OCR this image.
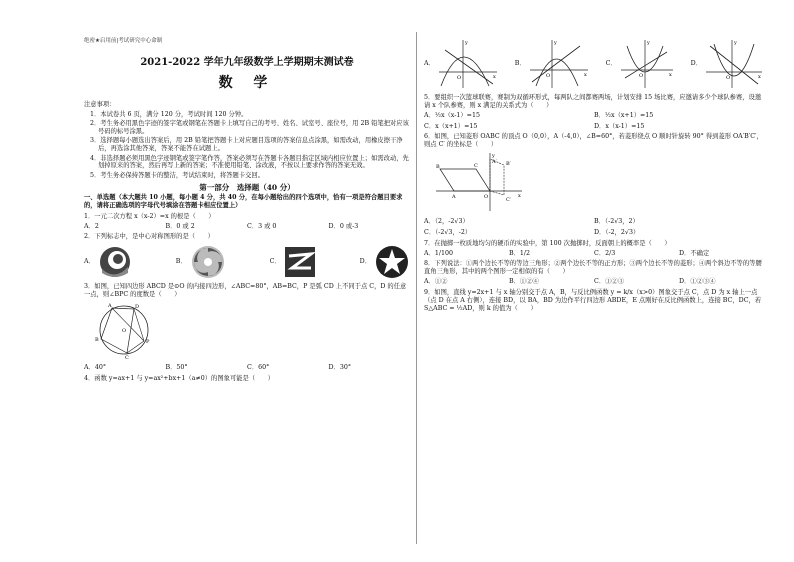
绝密★启用前|考试研究中心命制
2021-2022 学年九年级数学上学期期末测试卷
数 学
注意事项：
1．本试卷共 6 页，满分 120 分，考试时间 120 分钟。
2．考生务必用黑色字迹的签字笔或钢笔在答题卡上填写自己的考号、姓名、试室号、座位号，用 2B 铅笔把对应该号码的标号涂黑。
3．选择题每小题选出答案后，用 2B 铅笔把答题卡上对应题目选项的答案信息点涂黑，如需改动，用橡皮擦干净后，再选涂其他答案，答案不能答在试题上。
4．非选择题必须用黑色字迹钢笔或签字笔作答，答案必须写在答题卡各题目指定区域内相应位置上；如需改动，先划掉原来的答案，然后再写上新的答案；不准使用铅笔、涂改液，不按以上要求作答的答案无效。
5．考生务必保持答题卡的整洁，考试结束时，将答题卡交回。
第一部分　选择题（40 分）
一、单选题（本大题共 10 小题，每小题 4 分，共 40 分，在每小题给出的四个选项中，恰有一项是符合题目要求的，请将正确选项的字母代号填涂在答题卡相应位置上）
1．一元二次方程 x（x-2）=x 的根是（　　）
A．2	B．0 或 2	C．3 或 0	D．0 或-3
2．下列标志中，是中心对称图形的是（　　）
A．	B．	C．	D．
3．如图，已知四边形 ABCD 是⊙O 的内接四边形，∠ABC=80°，AB=BC，P 是弧 CD 上不同于点 C，D 的任意一点，则∠BPC 的度数是（　　）
A
B
C
D
O
P
A．40°	B．50°	C．60°	D．30°
4．函数 y=ax+1 与 y=ax²+bx+1（a≠0）的图象可能是（　　）
A．
y
x
O
B．
y
x
O
C．
y
x
O
D．
y
x
O
5．要组织一次篮球联赛，赛制为双循环形式，每两队之间都赛两场，计划安排 15 场比赛，应邀请多少个球队参赛，设邀请 x 个队参赛，则 x 满足的关系式为（　　）
A．½x（x-1）=15	B．½x（x+1）=15
C．x（x+1）=15	D．x（x-1）=15
6．如图，已知菱形 OABC 的顶点 O（0,0），A（-4,0），∠B=60°，若菱形绕点 O 顺时针旋转 90° 得到菱形 OA′B′C′，则点 C′ 的坐标是（　　）
A
B	C
O	x
y
A′ B′
C′
A．（2，-2√3）	B．（-2√3，2）
C．（-2√3，-2）	D．（-2，2√3）
7．在抛掷一枚质地均匀的硬币的实验中，第 100 次抛掷时，反面朝上的概率是（　　）
A．1/100	B．1/2	C．2/3	D．不确定
8．下列说法：①两个边长不等的等边三角形；②两个边长不等的正方形；③两个边长不等的菱形；④两个斜边不等的等腰直角三角形，其中的两个图形一定相似的有（　　）
A．①②	B．①②④	C．①②③	D．①②③④
9．如图，直线 y=2x+1 与 x 轴分别交于点 A，B，与反比例函数 y = k/x（x>0）图象交于点 C，点 D 为 x 轴上一点（点 D 在点 A 右侧），连接 BD，以 BA，BD 为边作平行四边形 ABDE，E 点刚好在反比例函数上，连接 BC，DC，若 S△ABC = ½AD，则 k 的值为（　　）
